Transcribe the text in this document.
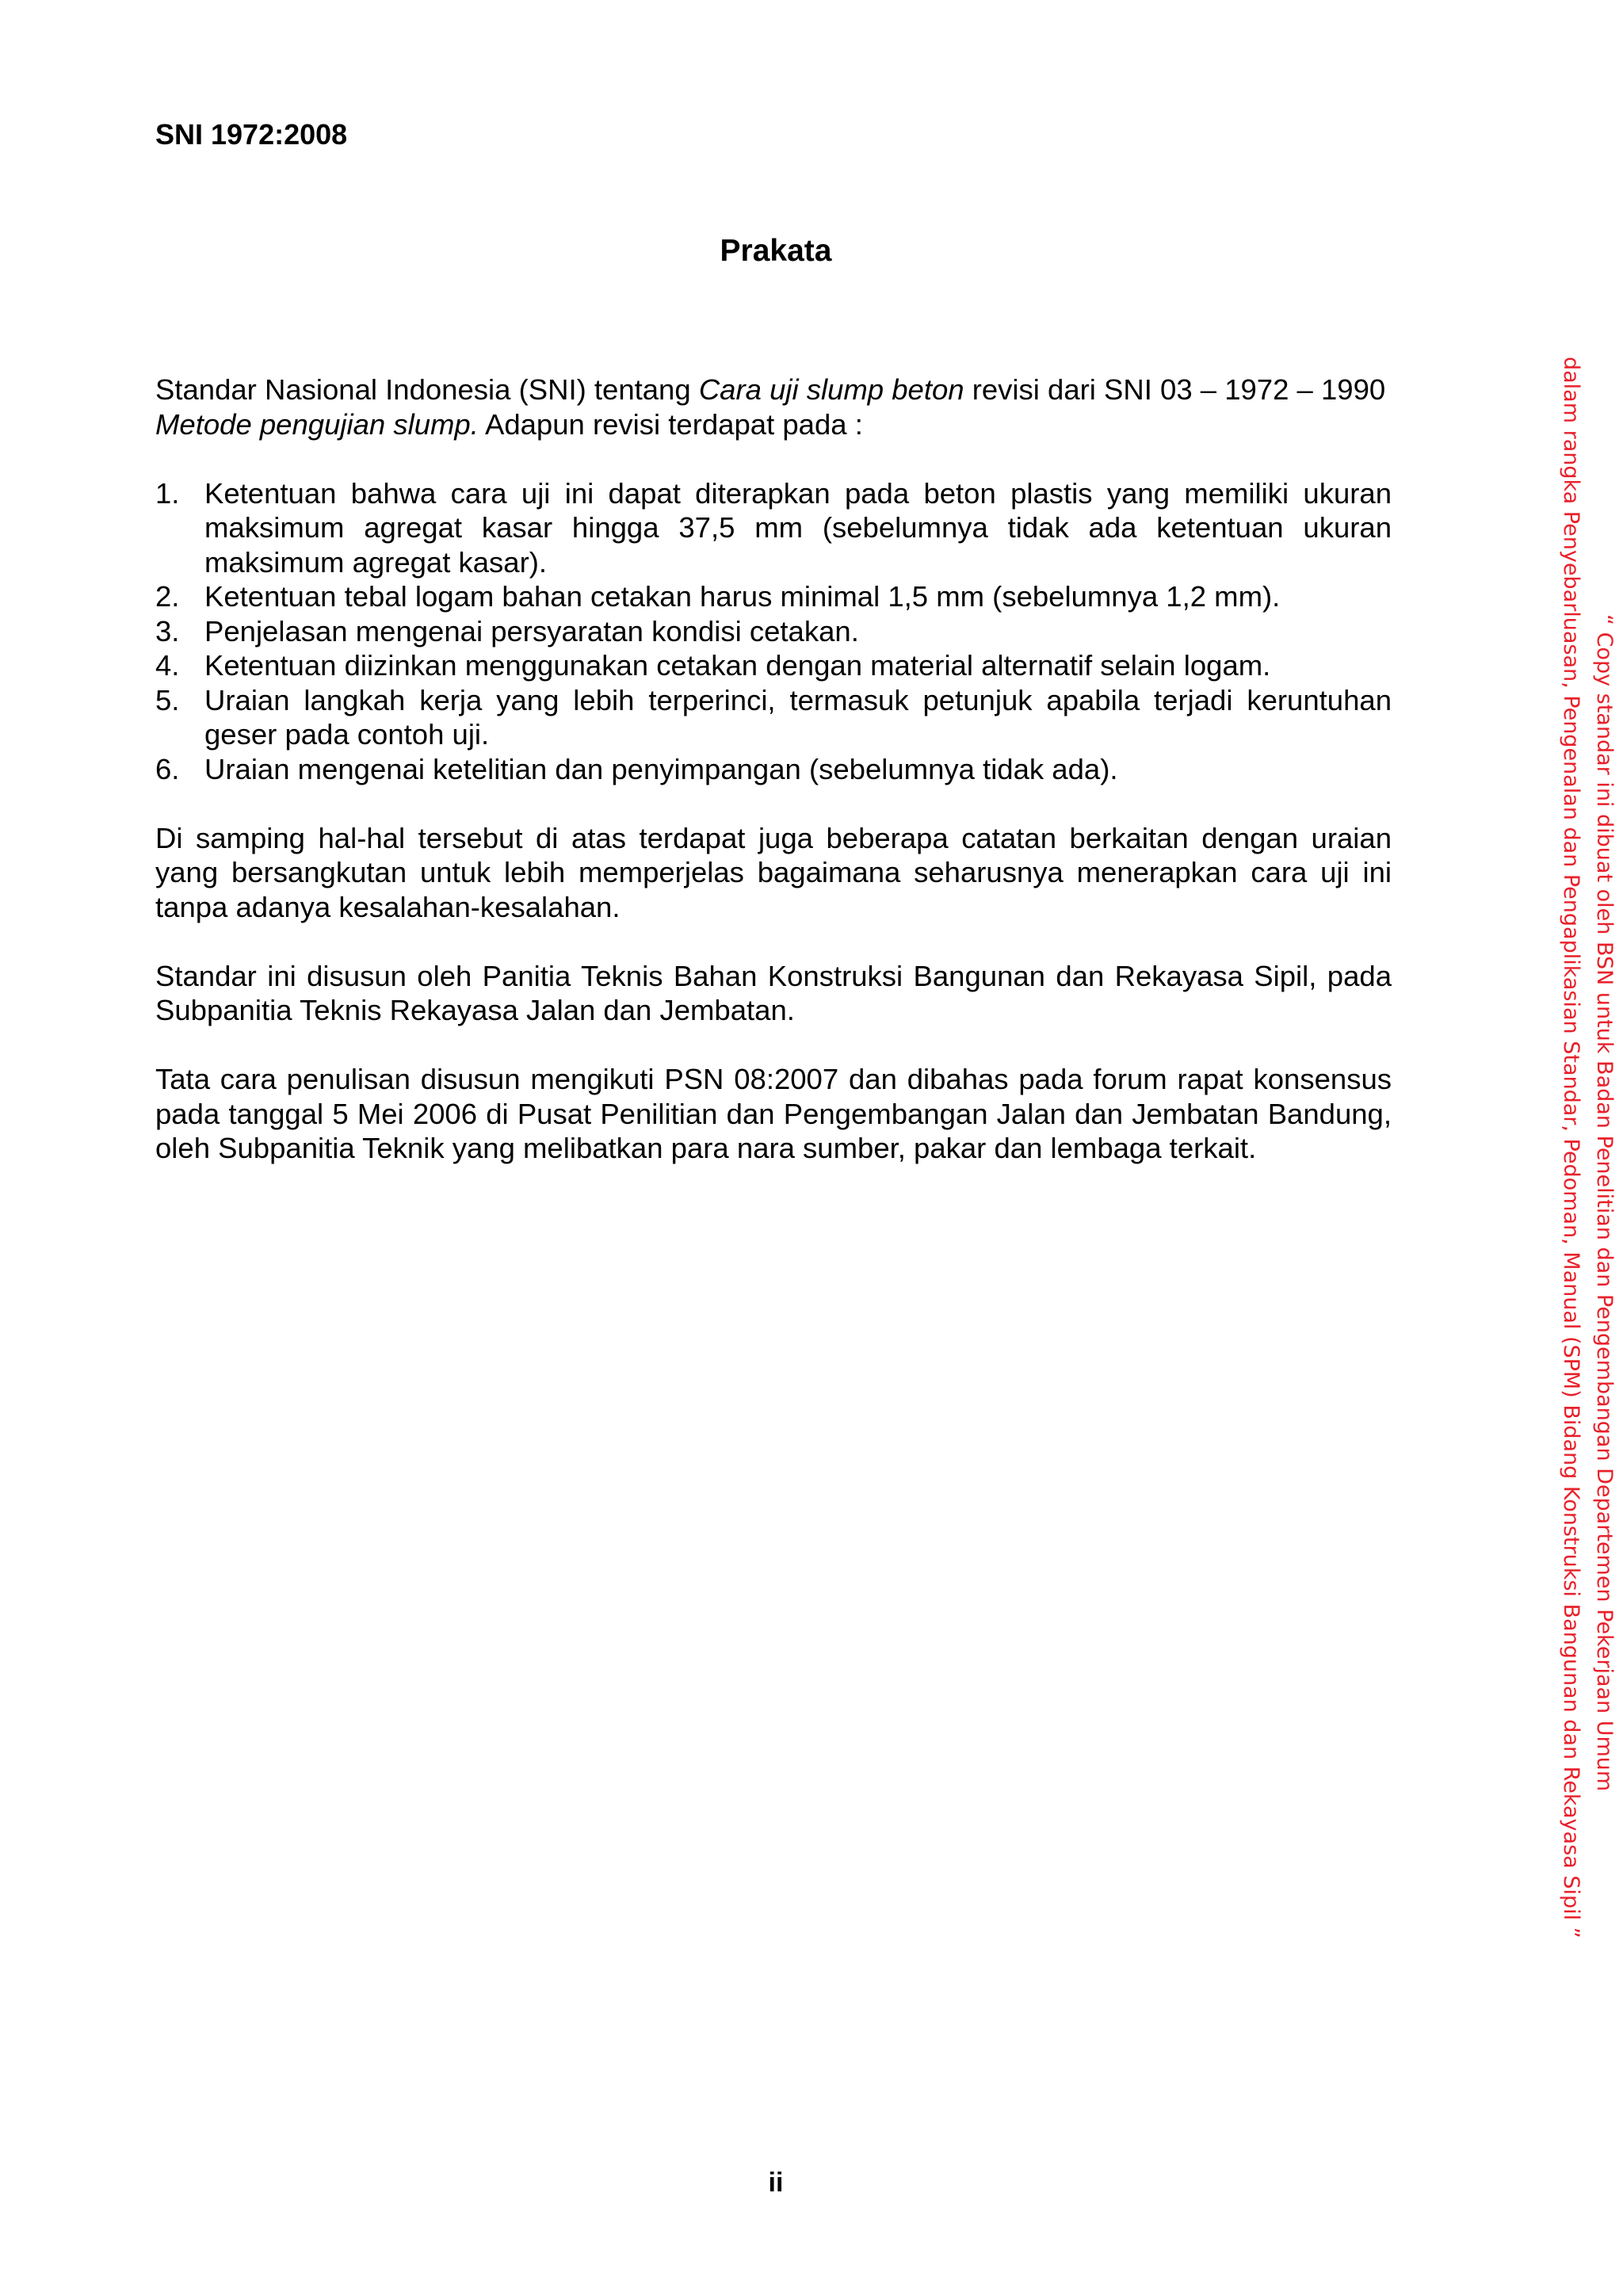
SNI 1972:2008

Prakata

Standar Nasional Indonesia (SNI) tentang Cara uji slump beton revisi dari SNI 03 – 1972 – 1990 Metode pengujian slump. Adapun revisi terdapat pada :

1. Ketentuan bahwa cara uji ini dapat diterapkan pada beton plastis yang memiliki ukuran maksimum agregat kasar hingga 37,5 mm (sebelumnya tidak ada ketentuan ukuran maksimum agregat kasar).
2. Ketentuan tebal logam bahan cetakan harus minimal 1,5 mm (sebelumnya 1,2 mm).
3. Penjelasan mengenai persyaratan kondisi cetakan.
4. Ketentuan diizinkan menggunakan cetakan dengan material alternatif selain logam.
5. Uraian langkah kerja yang lebih terperinci, termasuk petunjuk apabila terjadi keruntuhan geser pada contoh uji.
6. Uraian mengenai ketelitian dan penyimpangan (sebelumnya tidak ada).

Di samping hal-hal tersebut di atas terdapat juga beberapa catatan berkaitan dengan uraian yang bersangkutan untuk lebih memperjelas bagaimana seharusnya menerapkan cara uji ini tanpa adanya kesalahan-kesalahan.

Standar ini disusun oleh Panitia Teknis Bahan Konstruksi Bangunan dan Rekayasa Sipil, pada Subpanitia Teknis Rekayasa Jalan dan Jembatan.

Tata cara penulisan disusun mengikuti PSN 08:2007 dan dibahas pada forum rapat konsensus pada tanggal 5 Mei 2006 di Pusat Penilitian dan Pengembangan Jalan dan Jembatan Bandung, oleh Subpanitia Teknik yang melibatkan para nara sumber, pakar dan lembaga terkait.

ii

“ Copy standar ini dibuat oleh BSN untuk Badan Penelitian dan Pengembangan Departemen Pekerjaan Umum
dalam rangka Penyebarluasan, Pengenalan dan Pengaplikasian Standar, Pedoman, Manual (SPM) Bidang Konstruksi Bangunan dan Rekayasa Sipil ”
